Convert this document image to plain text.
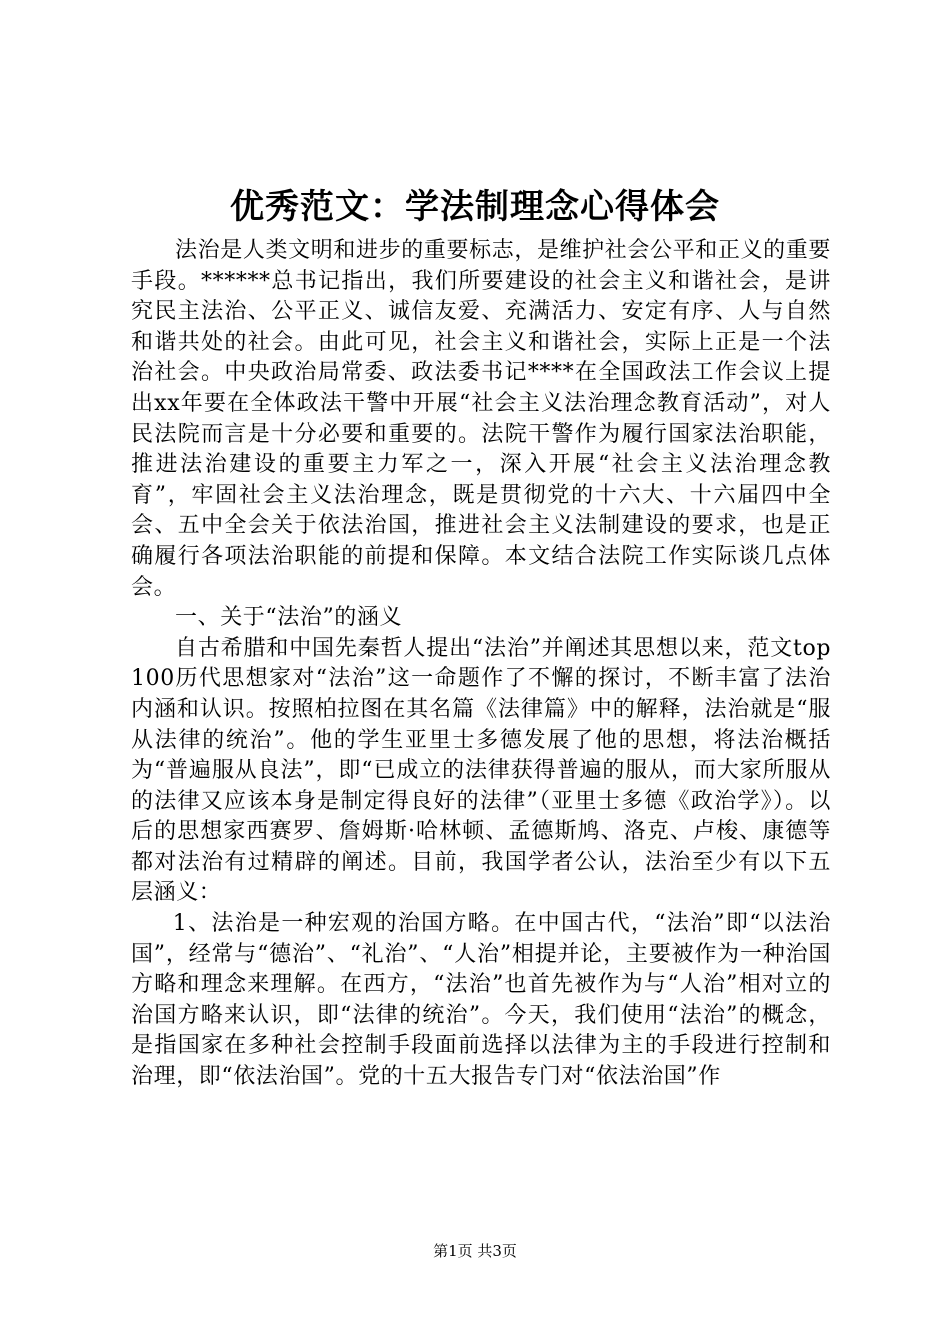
优秀范文：学法制理念心得体会

法治是人类文明和进步的重要标志，是维护社会公平和正义的重要手段。******总书记指出，我们所要建设的社会主义和谐社会，是讲究民主法治、公平正义、诚信友爱、充满活力、安定有序、人与自然和谐共处的社会。由此可见，社会主义和谐社会，实际上正是一个法治社会。中央政治局常委、政法委书记****在全国政法工作会议上提出xx年要在全体政法干警中开展“社会主义法治理念教育活动”，对人民法院而言是十分必要和重要的。法院干警作为履行国家法治职能，推进法治建设的重要主力军之一，深入开展“社会主义法治理念教育”，牢固社会主义法治理念，既是贯彻党的十六大、十六届四中全会、五中全会关于依法治国，推进社会主义法制建设的要求，也是正确履行各项法治职能的前提和保障。本文结合法院工作实际谈几点体会。

一、关于“法治”的涵义

自古希腊和中国先秦哲人提出“法治”并阐述其思想以来，范文top100历代思想家对“法治”这一命题作了不懈的探讨，不断丰富了法治内涵和认识。按照柏拉图在其名篇《法律篇》中的解释，法治就是“服从法律的统治”。他的学生亚里士多德发展了他的思想，将法治概括为“普遍服从良法”，即“已成立的法律获得普遍的服从，而大家所服从的法律又应该本身是制定得良好的法律”（亚里士多德《政治学》）。以后的思想家西赛罗、詹姆斯·哈林顿、孟德斯鸠、洛克、卢梭、康德等都对法治有过精辟的阐述。目前，我国学者公认，法治至少有以下五层涵义：

1、法治是一种宏观的治国方略。在中国古代，“法治”即“以法治国”，经常与“德治”、“礼治”、“人治”相提并论，主要被作为一种治国方略和理念来理解。在西方，“法治”也首先被作为与“人治”相对立的治国方略来认识，即“法律的统治”。今天，我们使用“法治”的概念，是指国家在多种社会控制手段面前选择以法律为主的手段进行控制和治理，即“依法治国”。党的十五大报告专门对“依法治国”作

第1页 共3页
